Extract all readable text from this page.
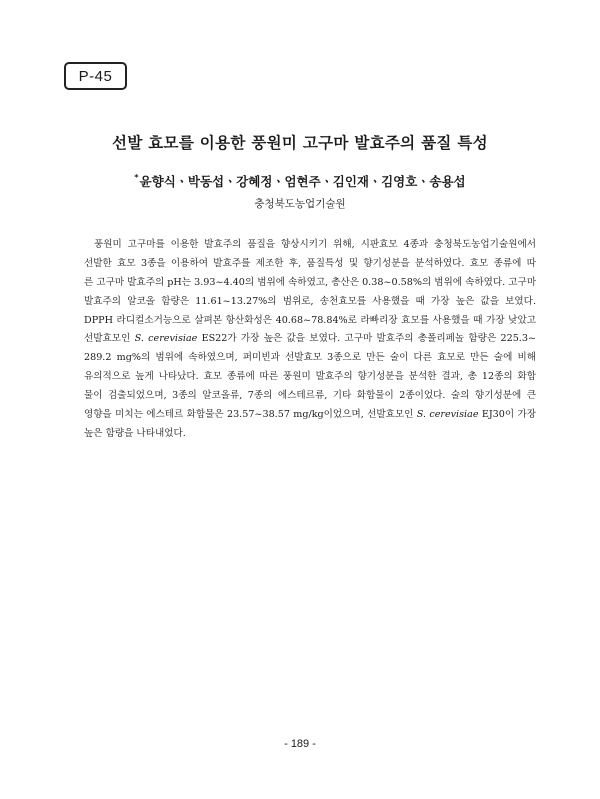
P-45
선발 효모를 이용한 풍원미 고구마 발효주의 품질 특성
*윤향식ㆍ박동섭ㆍ강혜정ㆍ엄현주ㆍ김인재ㆍ김영호ㆍ송용섭
충청북도농업기술원
풍원미 고구마를 이용한 발효주의 품질을 향상시키기 위해, 시판효모 4종과 충청북도농업기술원에서
선발한 효모 3종을 이용하여 발효주를 제조한 후, 품질특성 및 향기성분을 분석하였다. 효모 종류에 따
른 고구마 발효주의 pH는 3.93~4.40의 범위에 속하였고, 총산은 0.38~0.58%의 범위에 속하였다. 고구마
발효주의 알코올 함량은 11.61~13.27%의 범위로, 송천효모를 사용했을 때 가장 높은 값을 보였다.
DPPH 라디컬소거능으로 살펴본 항산화성은 40.68~78.84%로 라빠리장 효모를 사용했을 때 가장 낮았고
선발효모인 S. cerevisiae ES22가 가장 높은 값을 보였다. 고구마 발효주의 총폴리페놀 함량은 225.3~
289.2 mg%의 범위에 속하였으며, 퍼미빈과 선발효모 3종으로 만든 술이 다른 효모로 만든 술에 비해
유의적으로 높게 나타났다. 효모 종류에 따른 풍원미 발효주의 향기성분을 분석한 결과, 총 12종의 화합
물이 검출되었으며, 3종의 알코올류, 7종의 에스테르류, 기타 화합물이 2종이었다. 술의 향기성분에 큰
영향을 미치는 에스테르 화합물은 23.57~38.57 mg/kg이었으며, 선발효모인 S. cerevisiae EJ30이 가장
높은 함량을 나타내었다.
- 189 -
